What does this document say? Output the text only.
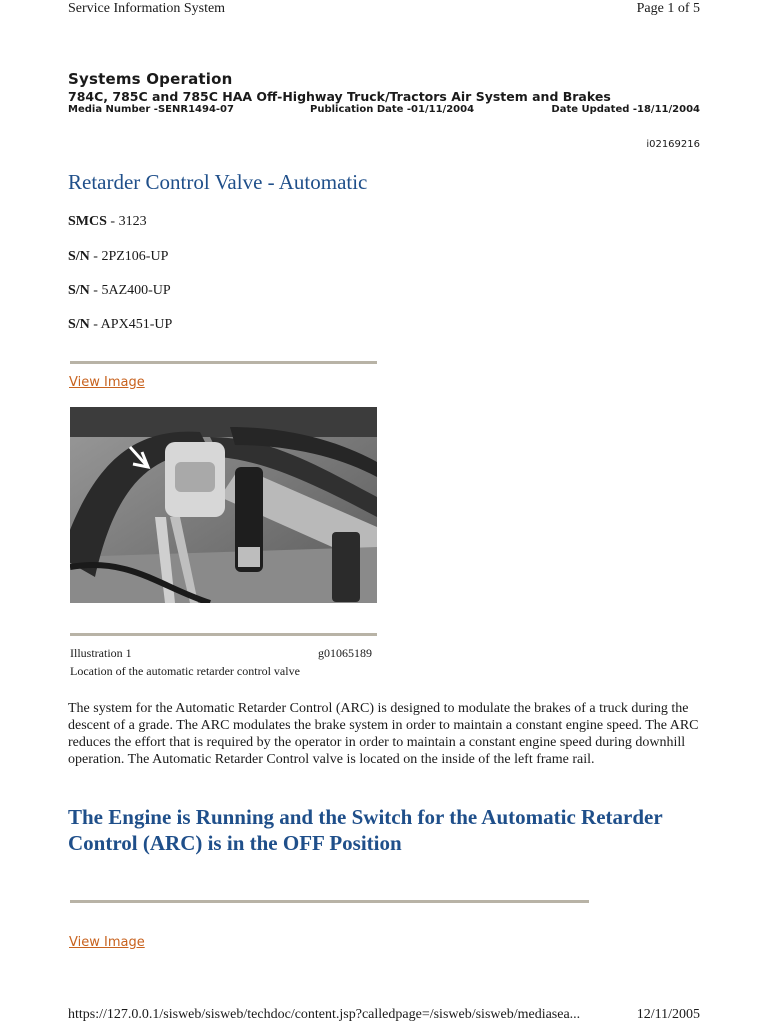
Service Information System	Page 1 of 5
Systems Operation
784C, 785C and 785C HAA Off-Highway Truck/Tractors Air System and Brakes
Media Number -SENR1494-07	Publication Date -01/11/2004	Date Updated -18/11/2004
i02169216
Retarder Control Valve - Automatic
SMCS - 3123
S/N - 2PZ106-UP
S/N - 5AZ400-UP
S/N - APX451-UP
View Image
Illustration 1	g01065189
Location of the automatic retarder control valve
The system for the Automatic Retarder Control (ARC) is designed to modulate the brakes of a truck during the descent of a grade. The ARC modulates the brake system in order to maintain a constant engine speed. The ARC reduces the effort that is required by the operator in order to maintain a constant engine speed during downhill operation. The Automatic Retarder Control valve is located on the inside of the left frame rail.
The Engine is Running and the Switch for the Automatic Retarder Control (ARC) is in the OFF Position
View Image
https://127.0.0.1/sisweb/sisweb/techdoc/content.jsp?calledpage=/sisweb/sisweb/mediasea...	12/11/2005
